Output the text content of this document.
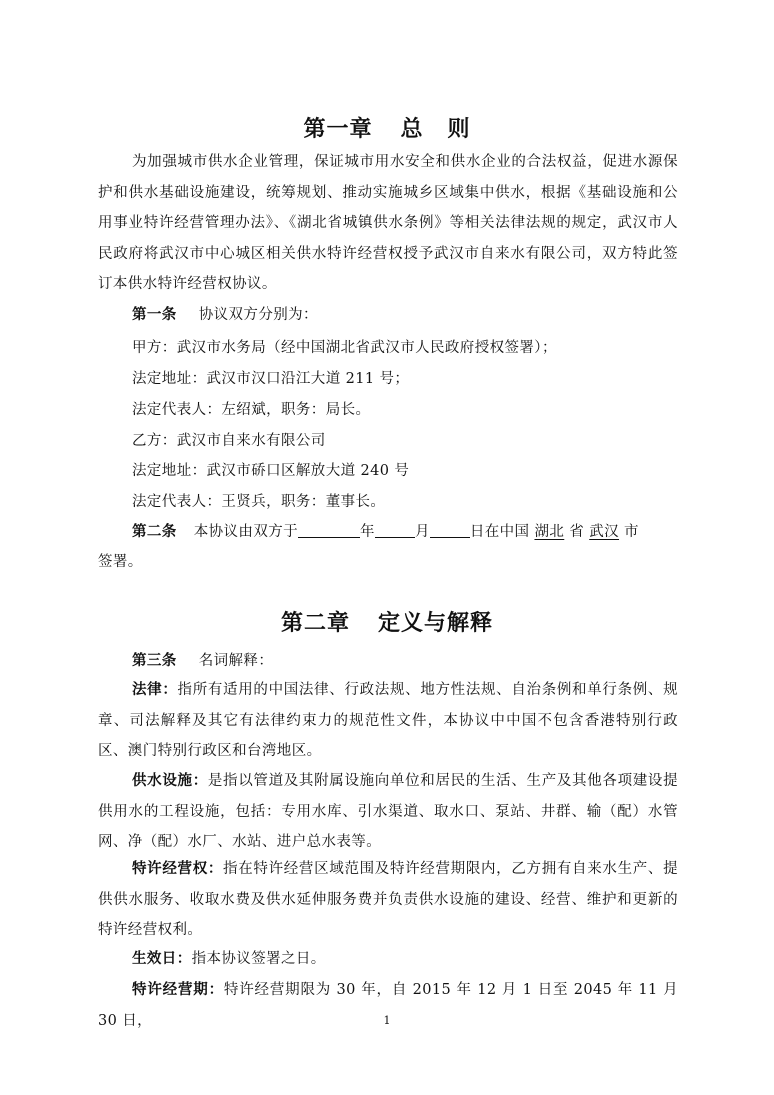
第一章 总 则
为加强城市供水企业管理，保证城市用水安全和供水企业的合法权益，促进水源保护和供水基础设施建设，统筹规划、推动实施城乡区域集中供水，根据《基础设施和公用事业特许经营管理办法》、《湖北省城镇供水条例》等相关法律法规的规定，武汉市人民政府将武汉市中心城区相关供水特许经营权授予武汉市自来水有限公司，双方特此签订本供水特许经营权协议。
第一条 协议双方分别为：
甲方：武汉市水务局（经中国湖北省武汉市人民政府授权签署）；
法定地址：武汉市汉口沿江大道 211 号；
法定代表人：左绍斌，职务：局长。
乙方：武汉市自来水有限公司
法定地址：武汉市硚口区解放大道 240 号
法定代表人：王贤兵，职务：董事长。
第二条 本协议由双方于	年	月	日在中国 湖北 省 武汉 市
签署。
第二章 定义与解释
第三条 名词解释：
法律：指所有适用的中国法律、行政法规、地方性法规、自治条例和单行条例、规章、司法解释及其它有法律约束力的规范性文件，本协议中中国不包含香港特别行政区、澳门特别行政区和台湾地区。
供水设施：是指以管道及其附属设施向单位和居民的生活、生产及其他各项建设提供用水的工程设施，包括：专用水库、引水渠道、取水口、泵站、井群、输（配）水管网、净（配）水厂、水站、进户总水表等。
特许经营权：指在特许经营区域范围及特许经营期限内，乙方拥有自来水生产、提供供水服务、收取水费及供水延伸服务费并负责供水设施的建设、经营、维护和更新的特许经营权利。
生效日：指本协议签署之日。
特许经营期：特许经营期限为 30 年，自 2015 年 12 月 1 日至 2045 年 11 月 30 日，	1
